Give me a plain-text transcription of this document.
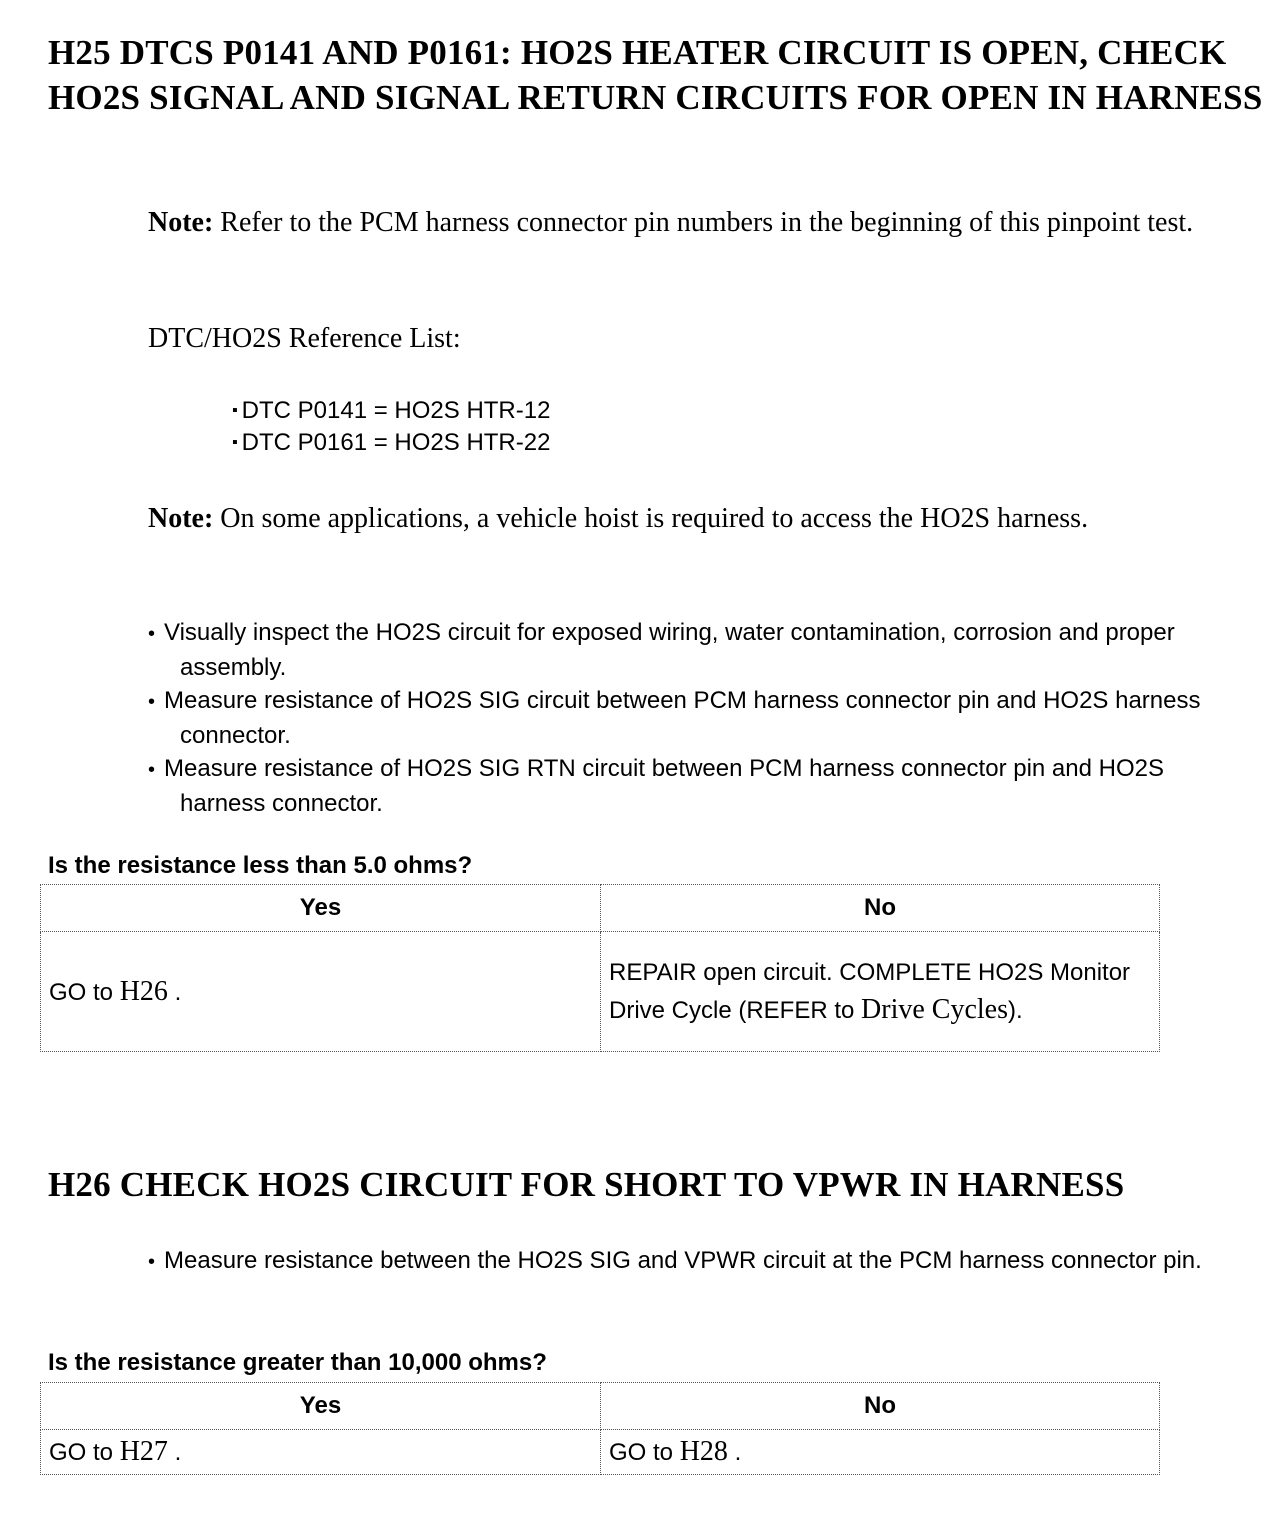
H25 DTCS P0141 AND P0161: HO2S HEATER CIRCUIT IS OPEN, CHECK HO2S SIGNAL AND SIGNAL RETURN CIRCUITS FOR OPEN IN HARNESS

Note: Refer to the PCM harness connector pin numbers in the beginning of this pinpoint test.

DTC/HO2S Reference List:

▪ DTC P0141 = HO2S HTR-12
▪ DTC P0161 = HO2S HTR-22

Note: On some applications, a vehicle hoist is required to access the HO2S harness.

• Visually inspect the HO2S circuit for exposed wiring, water contamination, corrosion and proper assembly.
• Measure resistance of HO2S SIG circuit between PCM harness connector pin and HO2S harness connector.
• Measure resistance of HO2S SIG RTN circuit between PCM harness connector pin and HO2S harness connector.

Is the resistance less than 5.0 ohms?

Yes	No
GO to H26 .	REPAIR open circuit. COMPLETE HO2S Monitor Drive Cycle (REFER to Drive Cycles).
H26 CHECK HO2S CIRCUIT FOR SHORT TO VPWR IN HARNESS
• Measure resistance between the HO2S SIG and VPWR circuit at the PCM harness connector pin.

Is the resistance greater than 10,000 ohms?

Yes	No
GO to H27 .	GO to H28 .
